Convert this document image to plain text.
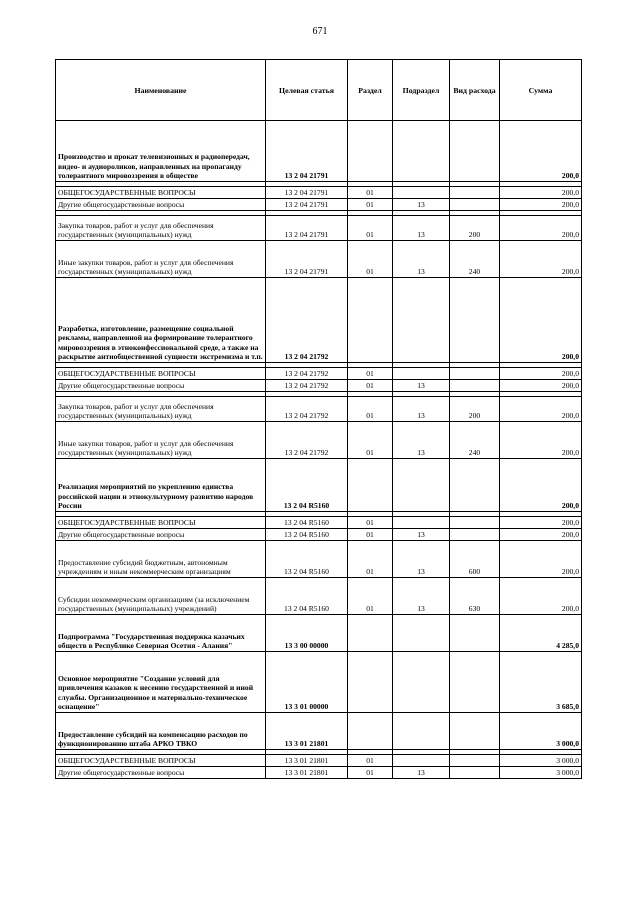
671
Наименование	Целевая статья	Раздел	Подраздел	Вид расхода	Сумма
Производство и прокат телевизионных и радиопередач, видео- и аудиороликов, направленных на пропаганду толерантного мировоззрения в обществе	13 2 04 21791				200,0

ОБЩЕГОСУДАРСТВЕННЫЕ ВОПРОСЫ	13 2 04 21791	01			200,0
Другие общегосударственные вопросы	13 2 04 21791	01	13		200,0

Закупка товаров, работ и услуг для обеспечения государственных (муниципальных) нужд	13 2 04 21791	01	13	200	200,0
Иные закупки товаров, работ и услуг для обеспечения государственных (муниципальных) нужд	13 2 04 21791	01	13	240	200,0
Разработка, изготовление, размещение социальной рекламы, направленной на формирование толерантного мировоззрения в этноконфессиональной среде, а также на раскрытие антиобщественной сущности экстремизма и т.п.	13 2 04 21792				200,0

ОБЩЕГОСУДАРСТВЕННЫЕ ВОПРОСЫ	13 2 04 21792	01			200,0
Другие общегосударственные вопросы	13 2 04 21792	01	13		200,0

Закупка товаров, работ и услуг для обеспечения государственных (муниципальных) нужд	13 2 04 21792	01	13	200	200,0
Иные закупки товаров, работ и услуг для обеспечения государственных (муниципальных) нужд	13 2 04 21792	01	13	240	200,0
Реализация мероприятий по укреплению единства российской нации и этнокультурному развитию народов России	13 2 04 R5160				200,0

ОБЩЕГОСУДАРСТВЕННЫЕ ВОПРОСЫ	13 2 04 R5160	01			200,0
Другие общегосударственные вопросы	13 2 04 R5160	01	13		200,0
Предоставление субсидий бюджетным, автономным учреждениям и иным некоммерческим организациям	13 2 04 R5160	01	13	600	200,0
Субсидии некоммерческим организациям (за исключением государственных (муниципальных) учреждений)	13 2 04 R5160	01	13	630	200,0
Подпрограмма "Государственная поддержка казачьих обществ в Республике Северная Осетия - Алания"	13 3 00 00000				4 285,0
Основное мероприятие "Создание условий для привлечения казаков к несению государственной и иной службы. Организационное и материально-техническое оснащение"	13 3 01 00000				3 685,0
Предоставление субсидий на компенсацию расходов по функционированию штаба АРКО ТВКО	13 3 01 21801				3 000,0

ОБЩЕГОСУДАРСТВЕННЫЕ ВОПРОСЫ	13 3 01 21801	01			3 000,0
Другие общегосударственные вопросы	13 3 01 21801	01	13		3 000,0
